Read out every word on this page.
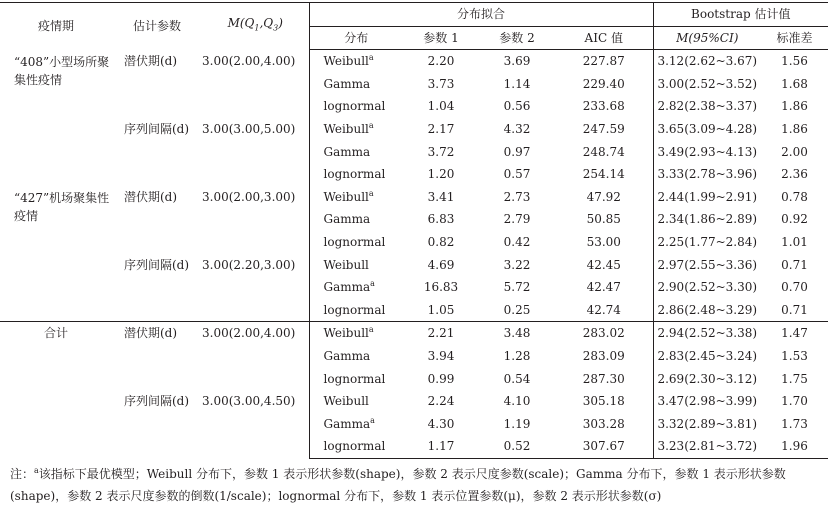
疫情期	估计参数	$M(Q_1,Q_3)$	分布拟合				Bootstrap 估计值	
			分布	参数 1	参数 2	AIC 值	M(95%CI)	标准差
“408”小型场所聚集性疫情	潜伏期(d)	3.00(2.00,4.00)	Weibull$^a$	2.20	3.69	227.87	3.12(2.62~3.67)	1.56
			Gamma	3.73	1.14	229.40	3.00(2.52~3.52)	1.68
			lognormal	1.04	0.56	233.68	2.82(2.38~3.37)	1.86
	序列间隔(d)	3.00(3.00,5.00)	Weibull$^a$	2.17	4.32	247.59	3.65(3.09~4.28)	1.86
			Gamma	3.72	0.97	248.74	3.49(2.93~4.13)	2.00
			lognormal	1.20	0.57	254.14	3.33(2.78~3.96)	2.36
“427”机场聚集性疫情	潜伏期(d)	3.00(2.00,3.00)	Weibull$^a$	3.41	2.73	47.92	2.44(1.99~2.91)	0.78
			Gamma	6.83	2.79	50.85	2.34(1.86~2.89)	0.92
			lognormal	0.82	0.42	53.00	2.25(1.77~2.84)	1.01
	序列间隔(d)	3.00(2.20,3.00)	Weibull	4.69	3.22	42.45	2.97(2.55~3.36)	0.71
			Gamma$^a$	16.83	5.72	42.47	2.90(2.52~3.30)	0.70
			lognormal	1.05	0.25	42.74	2.86(2.48~3.29)	0.71
合计	潜伏期(d)	3.00(2.00,4.00)	Weibull$^a$	2.21	3.48	283.02	2.94(2.52~3.38)	1.47
			Gamma	3.94	1.28	283.09	2.83(2.45~3.24)	1.53
			lognormal	0.99	0.54	287.30	2.69(2.30~3.12)	1.75
	序列间隔(d)	3.00(3.00,4.50)	Weibull	2.24	4.10	305.18	3.47(2.98~3.99)	1.70
			Gamma$^a$	4.30	1.19	303.28	3.32(2.89~3.81)	1.73
			lognormal	1.17	0.52	307.67	3.23(2.81~3.72)	1.96
注：$^a$该指标下最优模型；Weibull 分布下，参数 1 表示形状参数(shape)，参数 2 表示尺度参数(scale)；Gamma 分布下，参数 1 表示形状参数(shape)，参数 2 表示尺度参数的倒数(1/scale)；lognormal 分布下，参数 1 表示位置参数(μ)，参数 2 表示形状参数(σ)
